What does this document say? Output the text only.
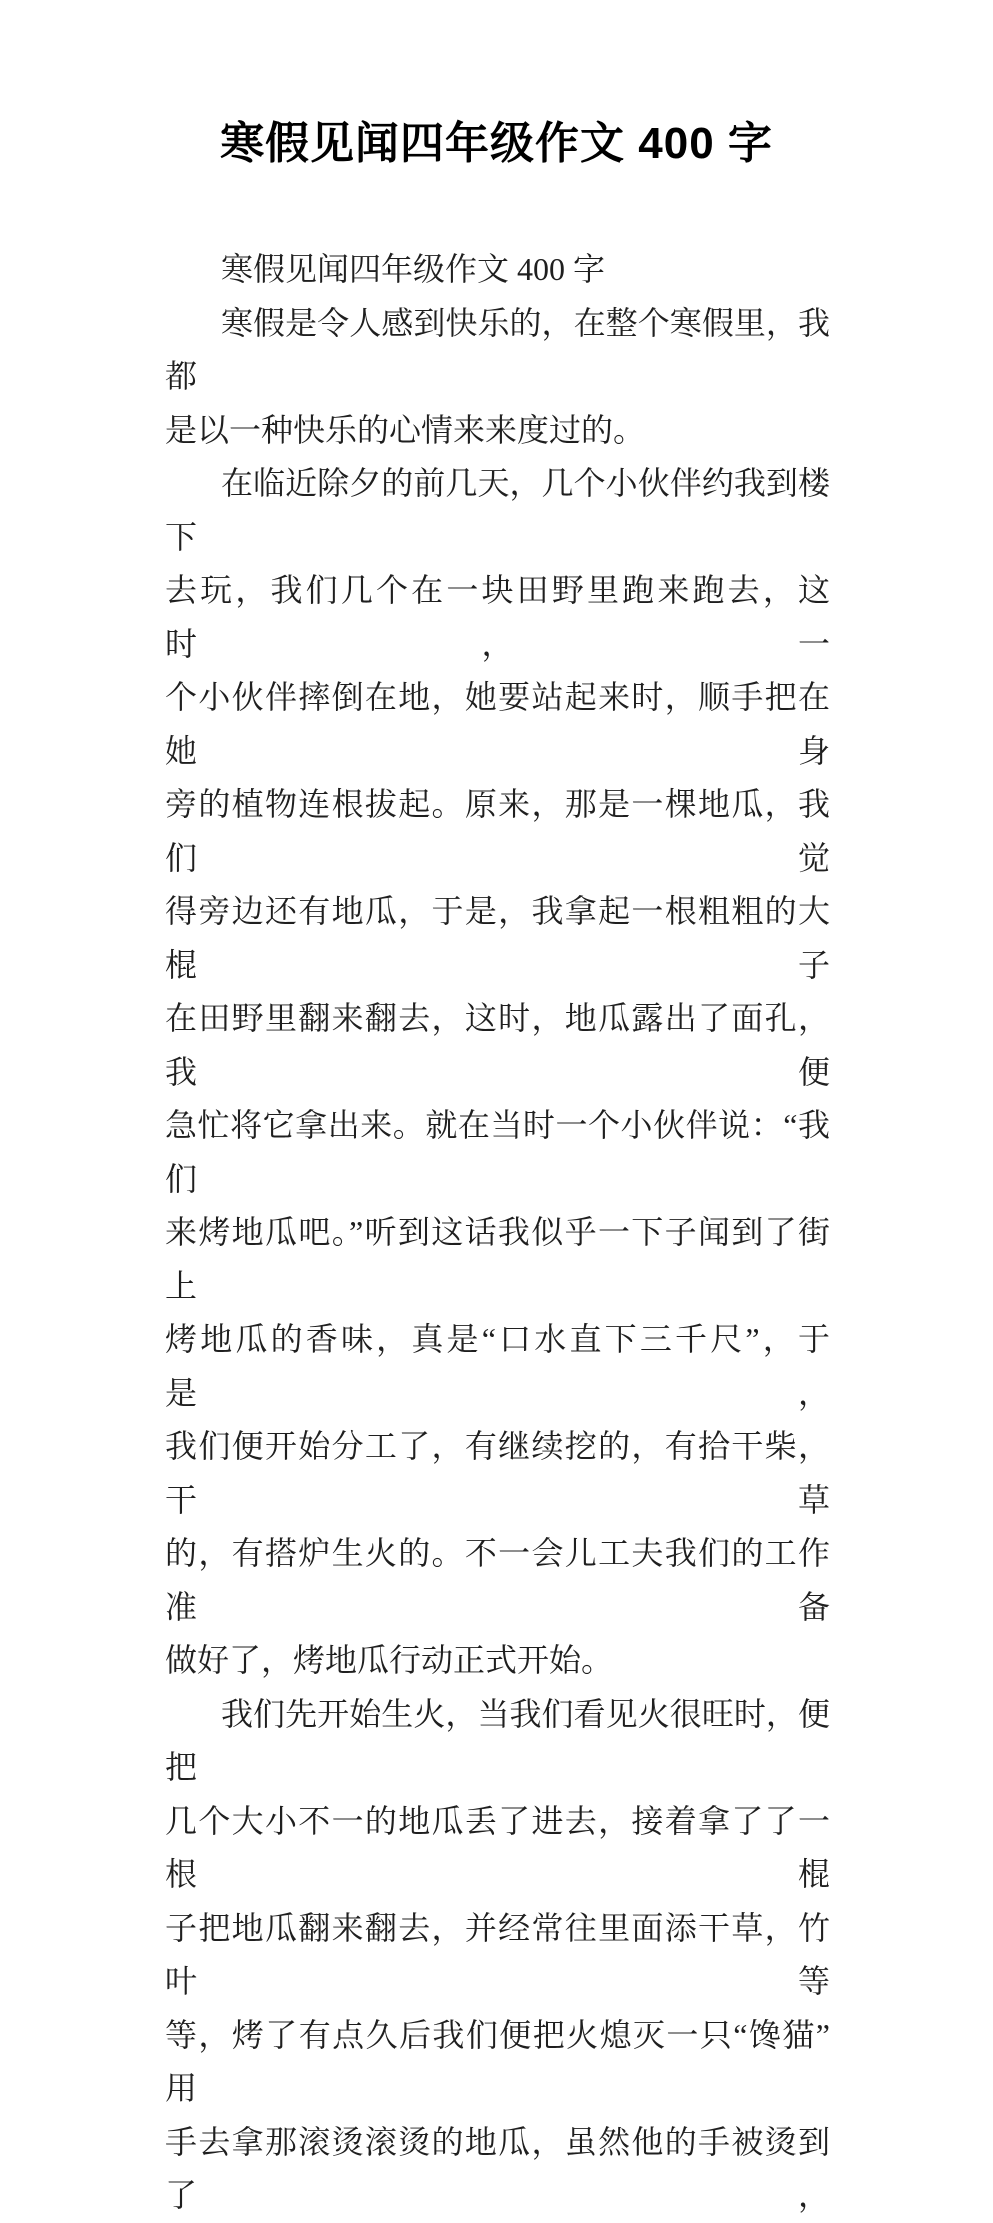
寒假见闻四年级作文 400 字
寒假见闻四年级作文 400 字
寒假是令人感到快乐的，在整个寒假里，我都
是以一种快乐的心情来来度过的。
在临近除夕的前几天，几个小伙伴约我到楼下
去玩，我们几个在一块田野里跑来跑去，这时，一
个小伙伴摔倒在地，她要站起来时，顺手把在她身
旁的植物连根拔起。原来，那是一棵地瓜，我们觉
得旁边还有地瓜，于是，我拿起一根粗粗的大棍子
在田野里翻来翻去，这时，地瓜露出了面孔，我便
急忙将它拿出来。就在当时一个小伙伴说：“我们
来烤地瓜吧。”听到这话我似乎一下子闻到了街上
烤地瓜的香味，真是“口水直下三千尺”，于是，
我们便开始分工了，有继续挖的，有拾干柴，干草
的，有搭炉生火的。不一会儿工夫我们的工作准备
做好了，烤地瓜行动正式开始。
我们先开始生火，当我们看见火很旺时，便把
几个大小不一的地瓜丢了进去，接着拿了了一根棍
子把地瓜翻来翻去，并经常往里面添干草，竹叶等
等，烤了有点久后我们便把火熄灭一只“馋猫”用
手去拿那滚烫滚烫的地瓜，虽然他的手被烫到了，
